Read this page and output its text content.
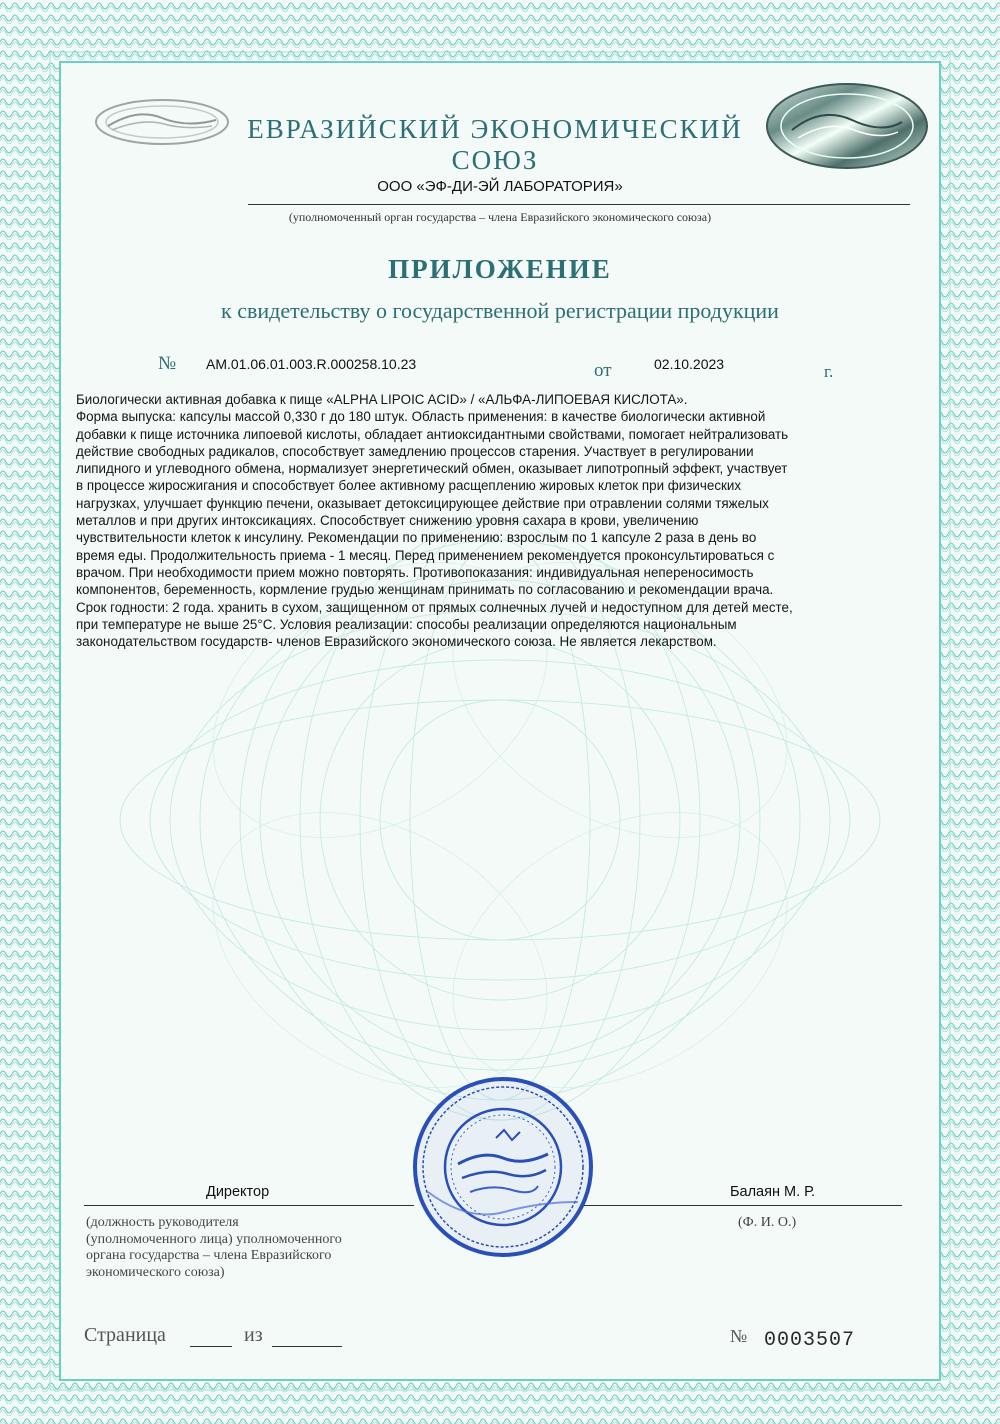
ЕВРАЗИЙСКИЙ ЭКОНОМИЧЕСКИЙ СОЮЗ
ООО «ЭФ-ДИ-ЭЙ ЛАБОРАТОРИЯ»
(уполномоченный орган государства – члена Евразийского экономического союза)
ПРИЛОЖЕНИЕ
к свидетельству о государственной регистрации продукции
№ AM.01.06.01.003.R.000258.10.23	от	02.10.2023	г.
Биологически активная добавка к пище «ALPHA LIPOIC ACID» / «АЛЬФА-ЛИПОЕВАЯ КИСЛОТА».
Форма выпуска: капсулы массой 0,330 г до 180 штук. Область применения: в качестве биологически активной
добавки к пище источника липоевой кислоты, обладает антиоксидантными свойствами, помогает нейтрализовать
действие свободных радикалов, способствует замедлению процессов старения. Участвует в регулировании
липидного и углеводного обмена, нормализует энергетический обмен, оказывает липотропный эффект, участвует
в процессе жиросжигания и способствует более активному расщеплению жировых клеток при физических
нагрузках, улучшает функцию печени, оказывает детоксицирующее действие при отравлении солями тяжелых
металлов и при других интоксикациях. Способствует снижению уровня сахара в крови, увеличению
чувствительности клеток к инсулину. Рекомендации по применению: взрослым по 1 капсуле 2 раза в день во
время еды. Продолжительность приема - 1 месяц. Перед применением рекомендуется проконсультироваться с
врачом. При необходимости прием можно повторять. Противопоказания: индивидуальная непереносимость
компонентов, беременность, кормление грудью женщинам принимать по согласованию и рекомендации врача.
Срок годности: 2 года. хранить в сухом, защищенном от прямых солнечных лучей и недоступном для детей месте,
при температуре не выше 25°С. Условия реализации: способы реализации определяются национальным
законодательством государств- членов Евразийского экономического союза. Не является лекарством.
Директор	Балаян М. Р.
(должность руководителя
(уполномоченного лица) уполномоченного
органа государства – члена Евразийского
экономического союза)
(Ф. И. О.)
Страница	из	№ 0003507
